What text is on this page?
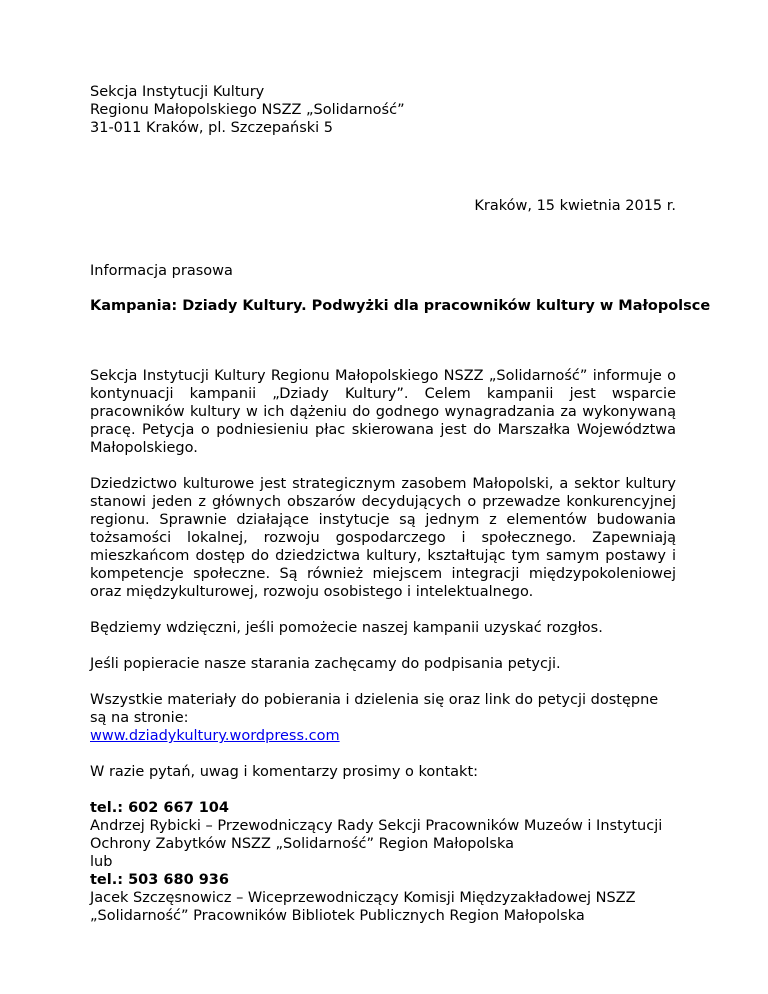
Sekcja Instytucji Kultury
Regionu Małopolskiego NSZZ „Solidarność”
31-011 Kraków, pl. Szczepański 5
Kraków, 15 kwietnia 2015 r.
Informacja prasowa
Kampania: Dziady Kultury. Podwyżki dla pracowników kultury w Małopolsce

Sekcja Instytucji Kultury Regionu Małopolskiego NSZZ „Solidarność” informuje o kontynuacji kampanii „Dziady Kultury”. Celem kampanii jest wsparcie pracowników kultury w ich dążeniu do godnego wynagradzania za wykonywaną pracę. Petycja o podniesieniu płac skierowana jest do Marszałka Województwa Małopolskiego.

Dziedzictwo kulturowe jest strategicznym zasobem Małopolski, a sektor kultury stanowi jeden z głównych obszarów decydujących o przewadze konkurencyjnej regionu. Sprawnie działające instytucje są jednym z elementów budowania tożsamości lokalnej, rozwoju gospodarczego i społecznego. Zapewniają mieszkańcom dostęp do dziedzictwa kultury, kształtując tym samym postawy i kompetencje społeczne. Są również miejscem integracji międzypokoleniowej oraz międzykulturowej, rozwoju osobistego i intelektualnego.

Będziemy wdzięczni, jeśli pomożecie naszej kampanii uzyskać rozgłos.

Jeśli popieracie nasze starania zachęcamy do podpisania petycji.

Wszystkie materiały do pobierania i dzielenia się oraz link do petycji dostępne są na stronie:
www.dziadykultury.wordpress.com

W razie pytań, uwag i komentarzy prosimy o kontakt:

tel.: 602 667 104
Andrzej Rybicki – Przewodniczący Rady Sekcji Pracowników Muzeów i Instytucji
Ochrony Zabytków NSZZ „Solidarność” Region Małopolska
lub
tel.: 503 680 936
Jacek Szczęsnowicz – Wiceprzewodniczący Komisji Międzyzakładowej NSZZ
„Solidarność” Pracowników Bibliotek Publicznych Region Małopolska
